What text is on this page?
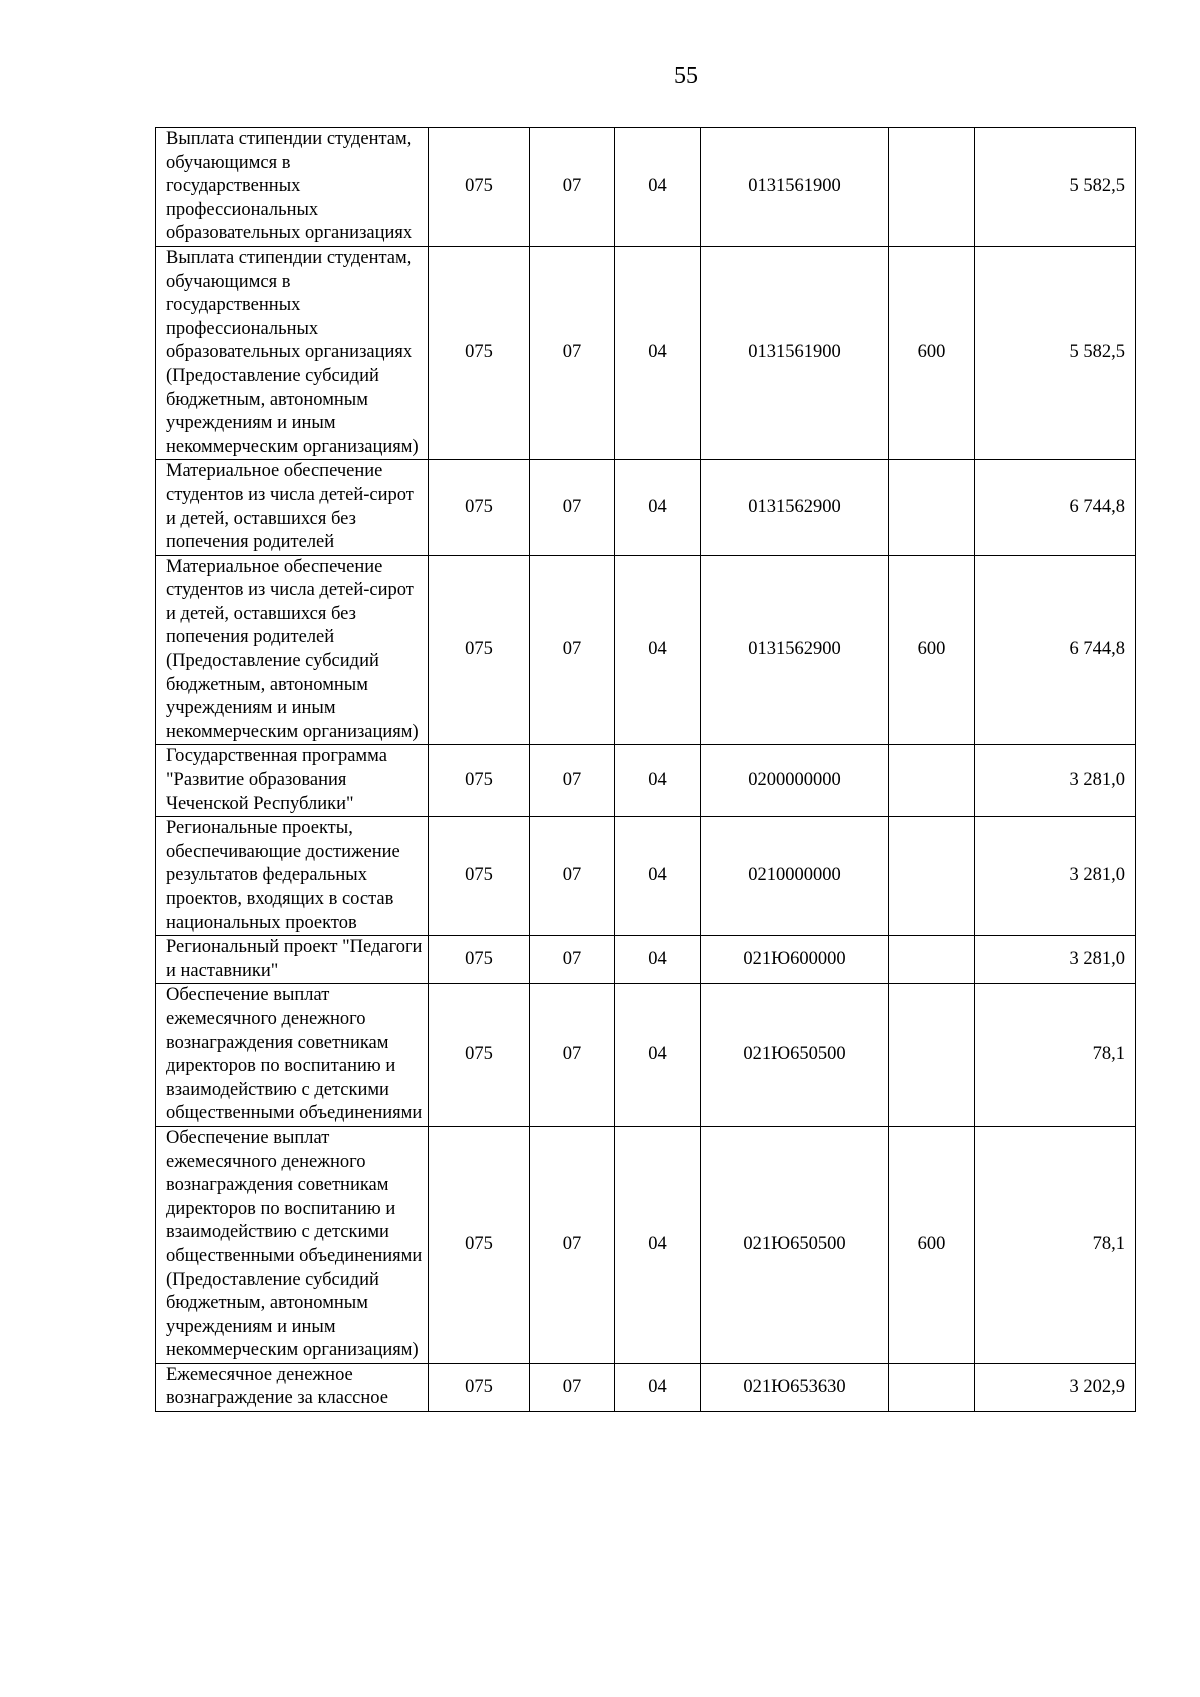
55
Выплата стипендии студентам, обучающимся в государственных профессиональных образовательных организациях	075	07	04	0131561900		5 582,5
Выплата стипендии студентам, обучающимся в государственных профессиональных образовательных организациях (Предоставление субсидий бюджетным, автономным учреждениям и иным некоммерческим организациям)	075	07	04	0131561900	600	5 582,5
Материальное обеспечение студентов из числа детей-сирот и детей, оставшихся без попечения родителей	075	07	04	0131562900		6 744,8
Материальное обеспечение студентов из числа детей-сирот и детей, оставшихся без попечения родителей (Предоставление субсидий бюджетным, автономным учреждениям и иным некоммерческим организациям)	075	07	04	0131562900	600	6 744,8
Государственная программа "Развитие образования Чеченской Республики"	075	07	04	0200000000		3 281,0
Региональные проекты, обеспечивающие достижение результатов федеральных проектов, входящих в состав национальных проектов	075	07	04	0210000000		3 281,0
Региональный проект "Педагоги и наставники"	075	07	04	021Ю600000		3 281,0
Обеспечение выплат ежемесячного денежного вознаграждения советникам директоров по воспитанию и взаимодействию с детскими общественными объединениями	075	07	04	021Ю650500		78,1
Обеспечение выплат ежемесячного денежного вознаграждения советникам директоров по воспитанию и взаимодействию с детскими общественными объединениями (Предоставление субсидий бюджетным, автономным учреждениям и иным некоммерческим организациям)	075	07	04	021Ю650500	600	78,1
Ежемесячное денежное вознаграждение за классное	075	07	04	021Ю653630		3 202,9
